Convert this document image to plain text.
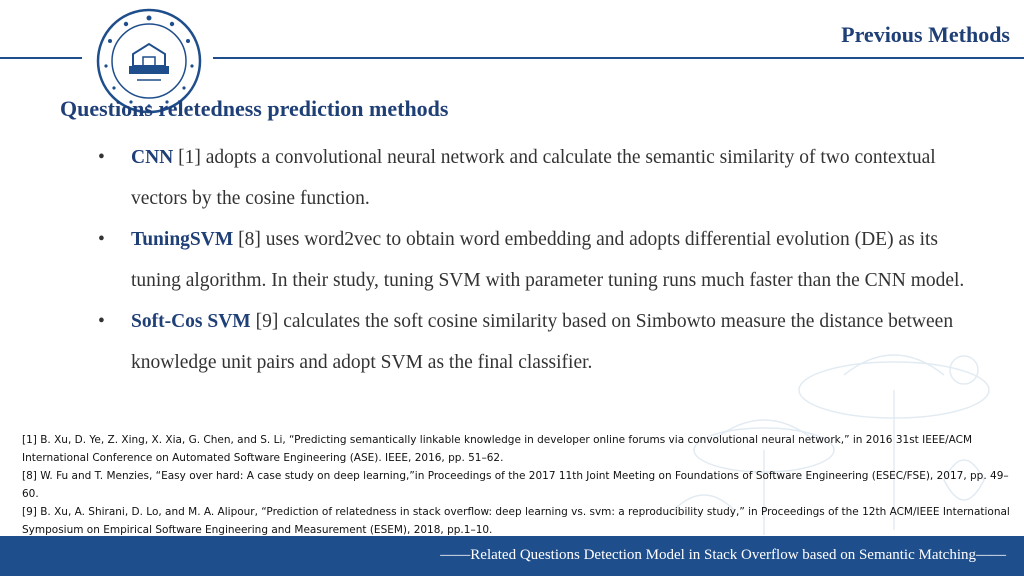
Previous Methods
Questions reletedness prediction methods
• CNN [1] adopts a convolutional neural network and calculate the semantic similarity of two contextual vectors by the cosine function.
• TuningSVM [8] uses word2vec to obtain word embedding and adopts differential evolution (DE) as its tuning algorithm. In their study, tuning SVM with parameter tuning runs much faster than the CNN model.
• Soft-Cos SVM [9] calculates the soft cosine similarity based on Simbowto measure the distance between knowledge unit pairs and adopt SVM as the final classifier.

[1] B. Xu, D. Ye, Z. Xing, X. Xia, G. Chen, and S. Li, “Predicting semantically linkable knowledge in developer online forums via convolutional neural network,” in 2016 31st IEEE/ACM International Conference on Automated Software Engineering (ASE). IEEE, 2016, pp. 51–62.

[8] W. Fu and T. Menzies, “Easy over hard: A case study on deep learning,”in Proceedings of the 2017 11th Joint Meeting on Foundations of Software Engineering (ESEC/FSE), 2017, pp. 49–60.

[9] B. Xu, A. Shirani, D. Lo, and M. A. Alipour, “Prediction of relatedness in stack overflow: deep learning vs. svm: a reproducibility study,” in Proceedings of the 12th ACM/IEEE International Symposium on Empirical Software Engineering and Measurement (ESEM), 2018, pp.1–10.

——Related Questions Detection Model in Stack Overflow based on Semantic Matching——
